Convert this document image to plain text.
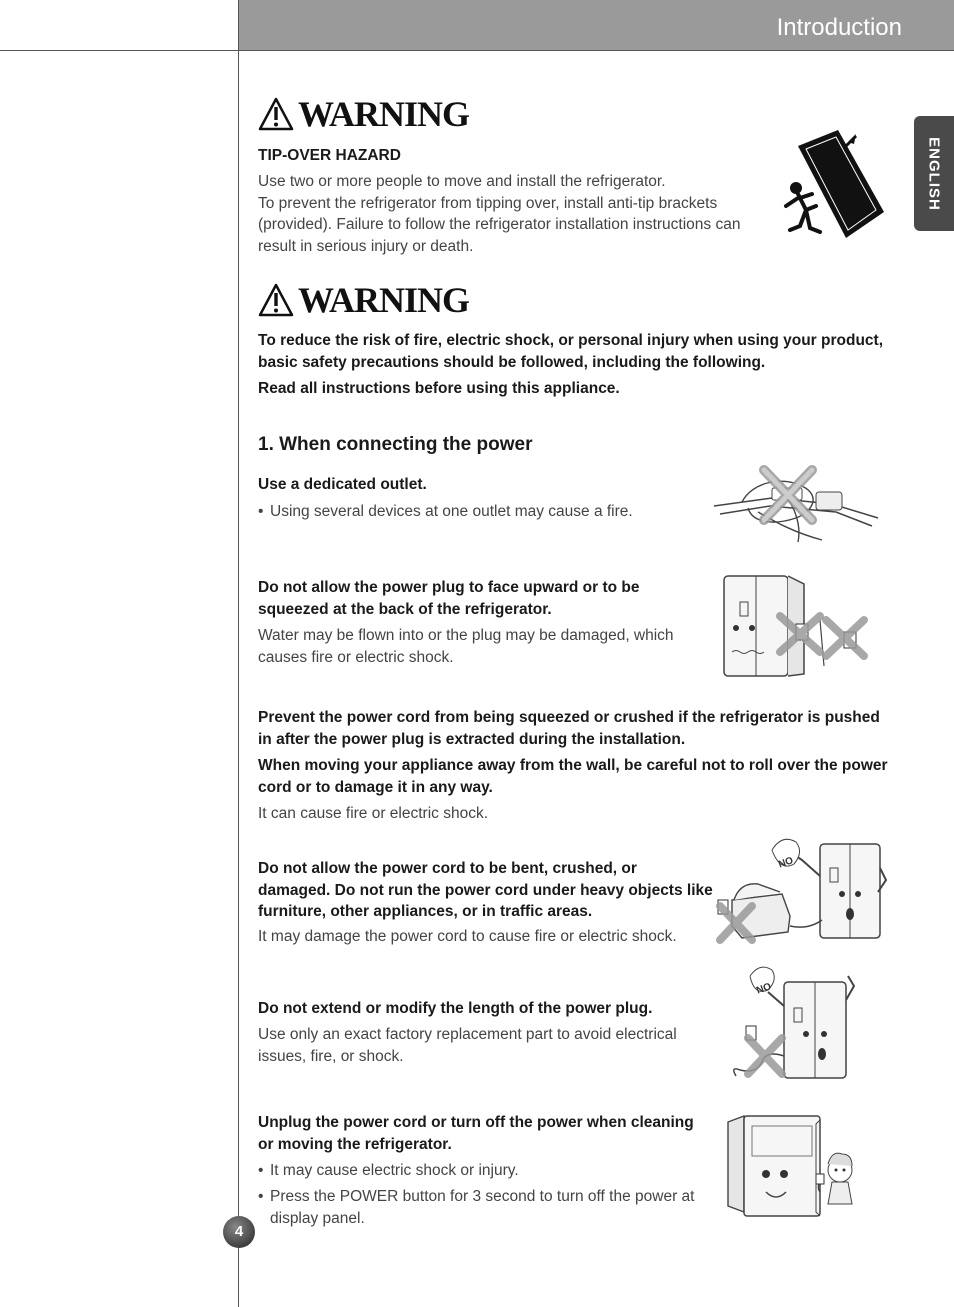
Introduction
ENGLISH
WARNING
TIP-OVER HAZARD
Use two or more people to move and install the refrigerator.
To prevent the refrigerator from tipping over, install anti-tip brackets
(provided). Failure to follow the refrigerator installation instructions can
result in serious injury or death.
WARNING
To reduce the risk of fire, electric shock, or personal injury when using your product, basic safety precautions should be followed, including the following.
Read all instructions before using this appliance.
1. When connecting the power
Use a dedicated outlet.
• Using several devices at one outlet may cause a fire.
Do not allow the power plug to face upward or to be squeezed at the back of the refrigerator.
Water may be flown into or the plug may be damaged, which causes fire or electric shock.
Prevent the power cord from being squeezed or crushed if the refrigerator is pushed in after the power plug is extracted during the installation.
When moving your appliance away from the wall, be careful not to roll over the power cord or to damage it in any way.
It can cause fire or electric shock.
Do not allow the power cord to be bent, crushed, or damaged. Do not run the power cord under heavy objects like furniture, other appliances, or in traffic areas.
It may damage the power cord to cause fire or electric shock.
NO
Do not extend or modify the length of the power plug.
Use only an exact factory replacement part to avoid electrical issues, fire, or shock.
NO
Unplug the power cord or turn off the power when cleaning or moving the refrigerator.
• It may cause electric shock or injury.
• Press the POWER button for 3 second to turn off the power at display panel.
4
